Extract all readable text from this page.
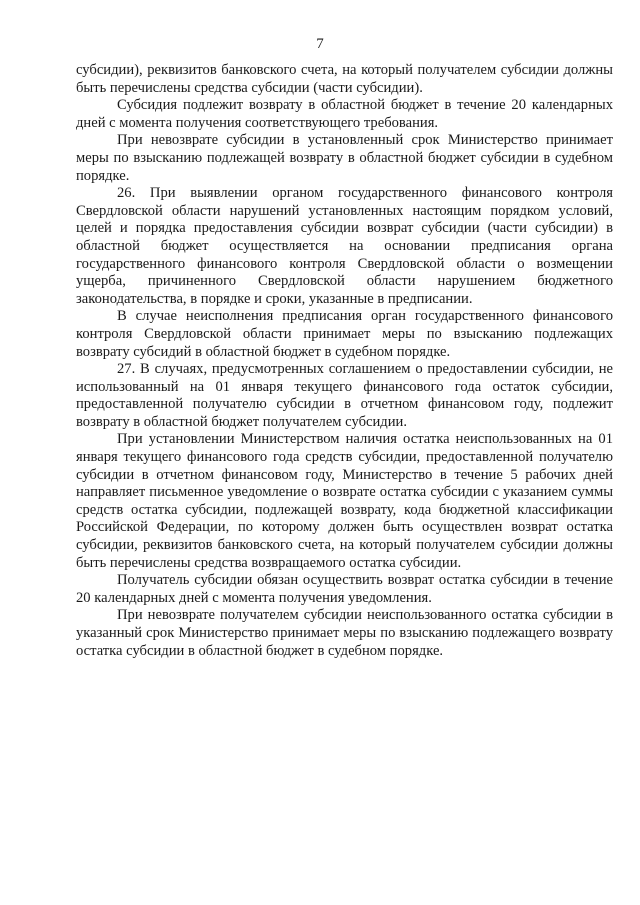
7

субсидии), реквизитов банковского счета, на который получателем субсидии должны быть перечислены средства субсидии (части субсидии).

Субсидия подлежит возврату в областной бюджет в течение 20 календарных дней с момента получения соответствующего требования.

При невозврате субсидии в установленный срок Министерство принимает меры по взысканию подлежащей возврату в областной бюджет субсидии в судебном порядке.

26. При выявлении органом государственного финансового контроля Свердловской области нарушений установленных настоящим порядком условий, целей и порядка предоставления субсидии возврат субсидии (части субсидии) в областной бюджет осуществляется на основании предписания органа государственного финансового контроля Свердловской области о возмещении ущерба, причиненного Свердловской области нарушением бюджетного законодательства, в порядке и сроки, указанные в предписании.

В случае неисполнения предписания орган государственного финансового контроля Свердловской области принимает меры по взысканию подлежащих возврату субсидий в областной бюджет в судебном порядке.

27. В случаях, предусмотренных соглашением о предоставлении субсидии, не использованный на 01 января текущего финансового года остаток субсидии, предоставленной получателю субсидии в отчетном финансовом году, подлежит возврату в областной бюджет получателем субсидии.

При установлении Министерством наличия остатка неиспользованных на 01 января текущего финансового года средств субсидии, предоставленной получателю субсидии в отчетном финансовом году, Министерство в течение 5 рабочих дней направляет письменное уведомление о возврате остатка субсидии с указанием суммы средств остатка субсидии, подлежащей возврату, кода бюджетной классификации Российской Федерации, по которому должен быть осуществлен возврат остатка субсидии, реквизитов банковского счета, на который получателем субсидии должны быть перечислены средства возвращаемого остатка субсидии.

Получатель субсидии обязан осуществить возврат остатка субсидии в течение 20 календарных дней с момента получения уведомления.

При невозврате получателем субсидии неиспользованного остатка субсидии в указанный срок Министерство принимает меры по взысканию подлежащего возврату остатка субсидии в областной бюджет в судебном порядке.
